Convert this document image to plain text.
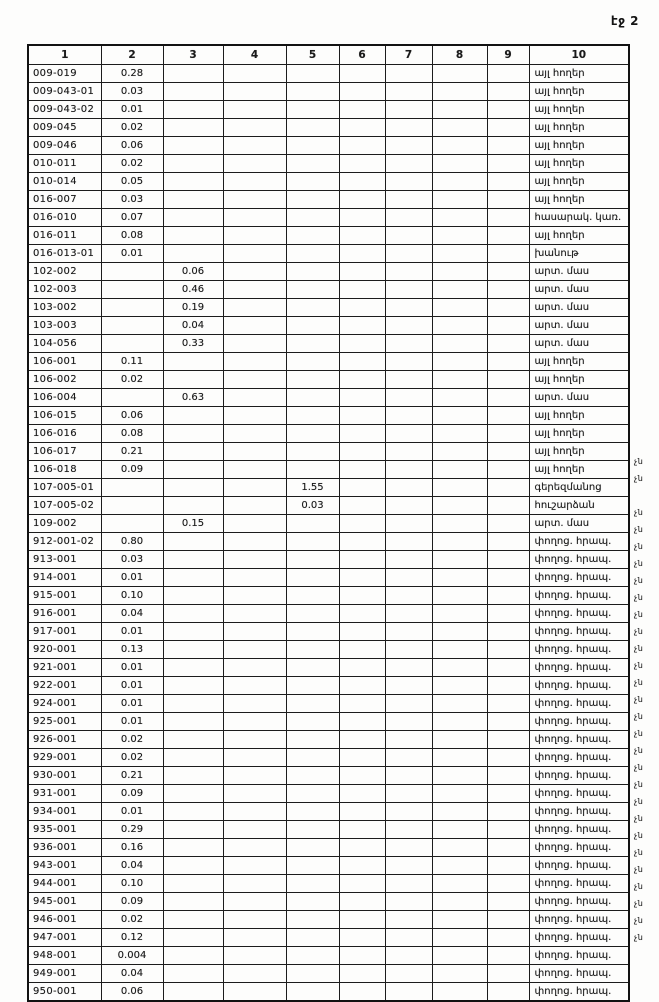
էջ 2
1	2	3	4	5	6	7	8	9	10
009-019	0.28								այլ հողեր
009-043-01	0.03								այլ հողեր
009-043-02	0.01								այլ հողեր
009-045	0.02								այլ հողեր
009-046	0.06								այլ հողեր
010-011	0.02								այլ հողեր
010-014	0.05								այլ հողեր
016-007	0.03								այլ հողեր
016-010	0.07								հասարակ. կառ.
016-011	0.08								այլ հողեր
016-013-01	0.01								խանութ
102-002		0.06							արտ. մաս
102-003		0.46							արտ. մաս
103-002		0.19							արտ. մաս
103-003		0.04							արտ. մաս
104-056		0.33							արտ. մաս
106-001	0.11								այլ հողեր
106-002	0.02								այլ հողեր
106-004		0.63							արտ. մաս
106-015	0.06								այլ հողեր
106-016	0.08								այլ հողեր
106-017	0.21								այլ հողեր
106-018	0.09								այլ հողեր
107-005-01				1.55					գերեզմանոց
107-005-02				0.03					հուշարձան
109-002		0.15							արտ. մաս
912-001-02	0.80								փողոց. հրապ.
913-001	0.03								փողոց. հրապ.
914-001	0.01								փողոց. հրապ.
915-001	0.10								փողոց. հրապ.
916-001	0.04								փողոց. հրապ.
917-001	0.01								փողոց. հրապ.
920-001	0.13								փողոց. հրապ.
921-001	0.01								փողոց. հրապ.
922-001	0.01								փողոց. հրապ.
924-001	0.01								փողոց. հրապ.
925-001	0.01								փողոց. հրապ.
926-001	0.02								փողոց. հրապ.
929-001	0.02								փողոց. հրապ.
930-001	0.21								փողոց. հրապ.
931-001	0.09								փողոց. հրապ.
934-001	0.01								փողոց. հրապ.
935-001	0.29								փողոց. հրապ.
936-001	0.16								փողոց. հրապ.
943-001	0.04								փողոց. հրապ.
944-001	0.10								փողոց. հրապ.
945-001	0.09								փողոց. հրապ.
946-001	0.02								փողոց. հրապ.
947-001	0.12								փողոց. հրապ.
948-001	0.004								փողոց. հրապ.
949-001	0.04								փողոց. հրապ.
950-001	0.06								փողոց. հրապ.
չն
չն
չն
չն
չն
չն
չն
չն
չն
չն
չն
չն
չն
չն
չն
չն
չն
չն
չն
չն
չն
չն
չն
չն
չն
չն
չն
չն
